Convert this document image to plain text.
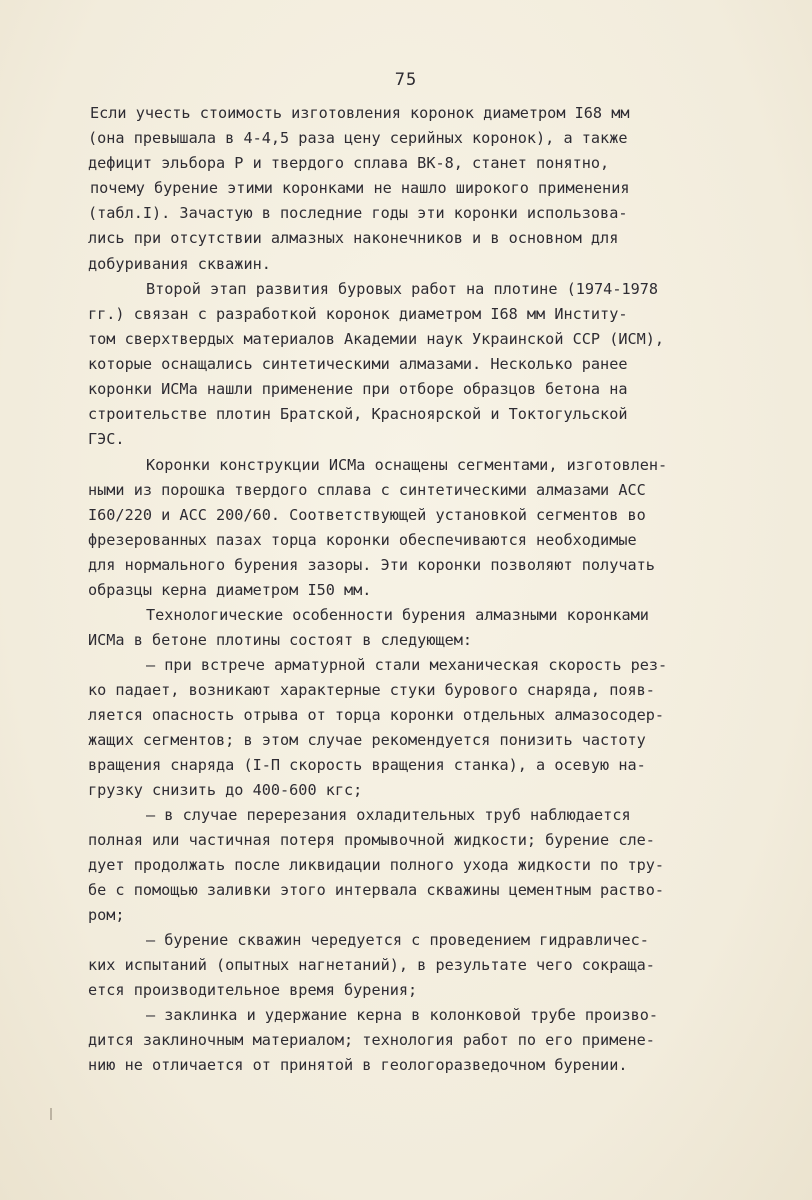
75
Если учесть стоимость изготовления коронок диаметром I68 мм
(она превышала в 4-4,5 раза цену серийных коронок), а также
дефицит эльбора Р и твердого сплава ВК-8, станет понятно,
почему бурение этими коронками не нашло широкого применения
(табл.I). Зачастую в последние годы эти коронки использова-
лись при отсутствии алмазных наконечников и в основном для
добуривания скважин.
Второй этап развития буровых работ на плотине (1974-1978
гг.) связан с разработкой коронок диаметром I68 мм Институ-
том сверхтвердых материалов Академии наук Украинской ССР (ИСМ),
которые оснащались синтетическими алмазами. Несколько ранее
коронки ИСМа нашли применение при отборе образцов бетона на
строительстве плотин Братской, Красноярской и Токтогульской
ГЭС.
Коронки конструкции ИСМа оснащены сегментами, изготовлен-
ными из порошка твердого сплава с синтетическими алмазами АСС
I60/220 и АСС 200/60. Соответствующей установкой сегментов во
фрезерованных пазах торца коронки обеспечиваются необходимые
для нормального бурения зазоры. Эти коронки позволяют получать
образцы керна диаметром I50 мм.
Технологические особенности бурения алмазными коронками
ИСМа в бетоне плотины состоят в следующем:
– при встрече арматурной стали механическая скорость рез-
ко падает, возникают характерные стуки бурового снаряда, появ-
ляется опасность отрыва от торца коронки отдельных алмазосодер-
жащих сегментов; в этом случае рекомендуется понизить частоту
вращения снаряда (I-П скорость вращения станка), а осевую на-
грузку снизить до 400-600 кгс;
– в случае перерезания охладительных труб наблюдается
полная или частичная потеря промывочной жидкости; бурение сле-
дует продолжать после ликвидации полного ухода жидкости по тру-
бе с помощью заливки этого интервала скважины цементным раство-
ром;
– бурение скважин чередуется с проведением гидравличес-
ких испытаний (опытных нагнетаний), в результате чего сокраща-
ется производительное время бурения;
– заклинка и удержание керна в колонковой трубе произво-
дится заклиночным материалом; технология работ по его примене-
нию не отличается от принятой в геологоразведочном бурении.
